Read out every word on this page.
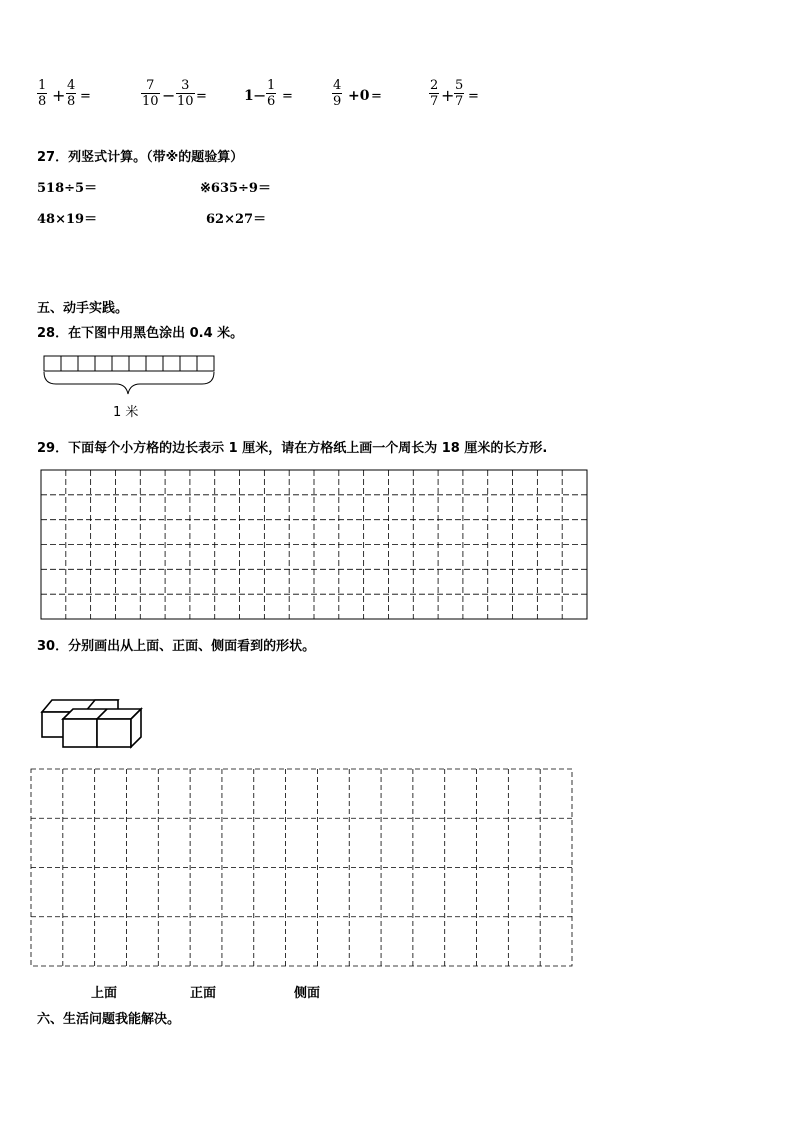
1
8 +
4
8 =
7
10 −
3
10 =	1 −
1
6 =
4
9 +0 =
2
7 +
5
7 =
27．列竖式计算。（带※的题验算）
518÷5＝	※635÷9＝
48×19＝	62×27＝
五、动手实践。
28．在下图中用黑色涂出 0.4 米。
1 米
29．下面每个小方格的边长表示 1 厘米，请在方格纸上画一个周长为 18 厘米的长方形.
30．分别画出从上面、正面、侧面看到的形状。
上面	正面	侧面
六、生活问题我能解决。
